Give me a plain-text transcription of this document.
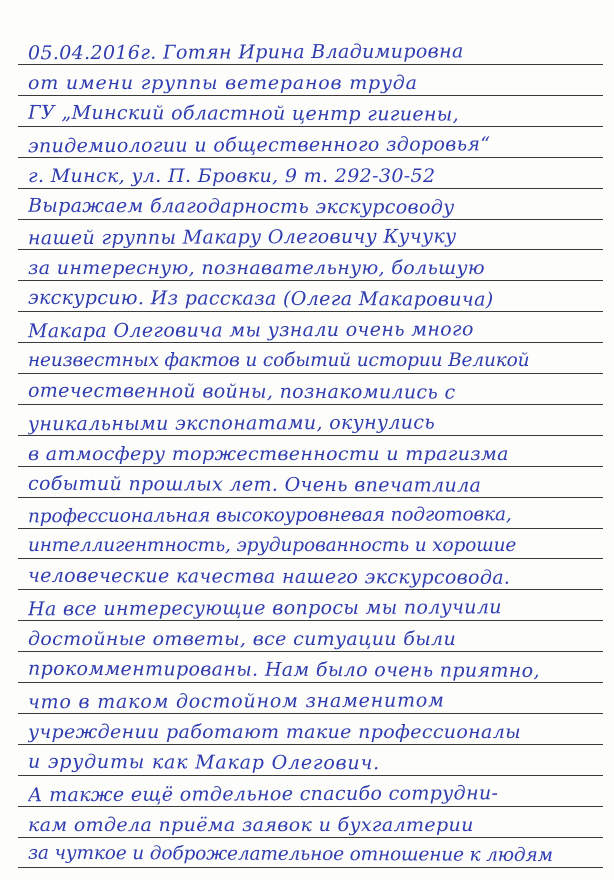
05.04.2016г. Готян Ирина Владимировна
от имени группы ветеранов труда
ГУ „Минский областной центр гигиены,
эпидемиологии и общественного здоровья“
г. Минск, ул. П. Бровки, 9 т. 292-30-52
Выражаем благодарность экскурсоводу
нашей группы Макару Олеговичу Кучуку
за интересную, познавательную, большую
экскурсию. Из рассказа (Олега Макаровича)
Макара Олеговича мы узнали очень много
неизвестных фактов и событий истории Великой
отечественной войны, познакомились с
уникальными экспонатами, окунулись
в атмосферу торжественности и трагизма
событий прошлых лет. Очень впечатлила
профессиональная высокоуровневая подготовка,
интеллигентность, эрудированность и хорошие
человеческие качества нашего экскурсовода.
На все интересующие вопросы мы получили
достойные ответы, все ситуации были
прокомментированы. Нам было очень приятно,
что в таком достойном знаменитом
учреждении работают такие профессионалы
и эрудиты как Макар Олегович.
А также ещё отдельное спасибо сотрудни-
кам отдела приёма заявок и бухгалтерии
за чуткое и доброжелательное отношение к людям
